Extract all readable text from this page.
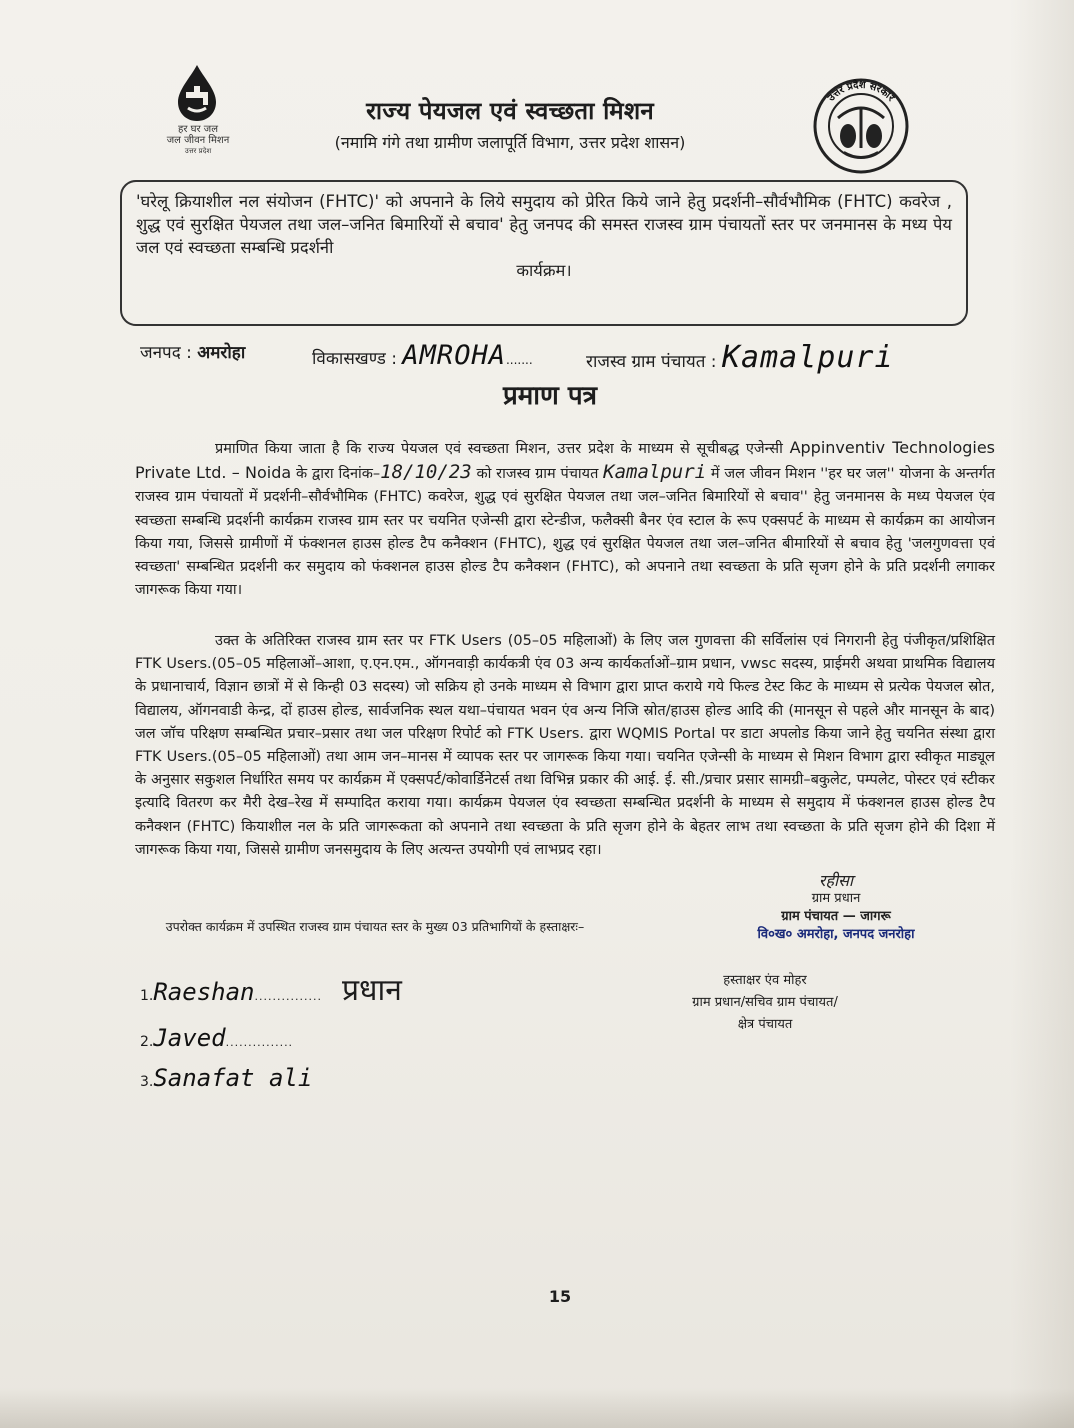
हर घर जल
जल जीवन मिशन
उत्तर प्रदेश
राज्य पेयजल एवं स्वच्छता मिशन
(नमामि गंगे तथा ग्रामीण जलापूर्ति विभाग, उत्तर प्रदेश शासन)
उत्तर प्रदेश सरकार
'घरेलू क्रियाशील नल संयोजन (FHTC)' को अपनाने के लिये समुदाय को प्रेरित किये जाने हेतु प्रदर्शनी–सौर्वभौमिक (FHTC) कवरेज , शुद्ध एवं सुरक्षित पेयजल तथा जल–जनित बिमारियों से बचाव' हेतु जनपद की समस्त राजस्व ग्राम पंचायतों स्तर पर जनमानस के मध्य पेय जल एवं स्वच्छता सम्बन्धि प्रदर्शनी
कार्यक्रम।
जनपद : अमरोहा	विकासखण्ड : AMROHA.......	राजस्व ग्राम पंचायत : Kamalpuri
प्रमाण पत्र
प्रमाणित किया जाता है कि राज्य पेयजल एवं स्वच्छता मिशन, उत्तर प्रदेश के माध्यम से सूचीबद्ध एजेन्सी Appinventiv Technologies Private Ltd. – Noida के द्वारा दिनांक–18/10/23 को राजस्व ग्राम पंचायत Kamalpuri में जल जीवन मिशन ''हर घर जल'' योजना के अन्तर्गत राजस्व ग्राम पंचायतों में प्रदर्शनी–सौर्वभौमिक (FHTC) कवरेज, शुद्ध एवं सुरक्षित पेयजल तथा जल–जनित बिमारियों से बचाव'' हेतु जनमानस के मध्य पेयजल एंव स्वच्छता सम्बन्धि प्रदर्शनी कार्यक्रम राजस्व ग्राम स्तर पर चयनित एजेन्सी द्वारा स्टेन्डीज, फलैक्सी बैनर एंव स्टाल के रूप एक्सपर्ट के माध्यम से कार्यक्रम का आयोजन किया गया, जिससे ग्रामीणों में फंक्शनल हाउस होल्ड टैप कनैक्शन (FHTC), शुद्ध एवं सुरक्षित पेयजल तथा जल–जनित बीमारियों से बचाव हेतु 'जलगुणवत्ता एवं स्वच्छता' सम्बन्धित प्रदर्शनी कर समुदाय को फंक्शनल हाउस होल्ड टैप कनैक्शन (FHTC), को अपनाने तथा स्वच्छता के प्रति सृजग होने के प्रति प्रदर्शनी लगाकर जागरूक किया गया।
उक्त के अतिरिक्त राजस्व ग्राम स्तर पर FTK Users (05–05 महिलाओं) के लिए जल गुणवत्ता की सर्विलांस एवं निगरानी हेतु पंजीकृत/प्रशिक्षित FTK Users.(05–05 महिलाओं–आशा, ए.एन.एम., ऑगनवाड़ी कार्यकत्री एंव 03 अन्य कार्यकर्ताओं–ग्राम प्रधान, vwsc सदस्य, प्राईमरी अथवा प्राथमिक विद्यालय के प्रधानाचार्य, विज्ञान छात्रों में से किन्ही 03 सदस्य) जो सक्रिय हो उनके माध्यम से विभाग द्वारा प्राप्त कराये गये फिल्ड टेस्ट किट के माध्यम से प्रत्येक पेयजल स्रोत, विद्यालय, ऑगनवाडी केन्द्र, दों हाउस होल्ड, सार्वजनिक स्थल यथा–पंचायत भवन एंव अन्य निजि स्रोत/हाउस होल्ड आदि की (मानसून से पहले और मानसून के बाद) जल जॉच परिक्षण सम्बन्धित प्रचार–प्रसार तथा जल परिक्षण रिपोर्ट को FTK Users. द्वारा WQMIS Portal पर डाटा अपलोड किया जाने हेतु चयनित संस्था द्वारा FTK Users.(05–05 महिलाओं) तथा आम जन–मानस में व्यापक स्तर पर जागरूक किया गया। चयनित एजेन्सी के माध्यम से मिशन विभाग द्वारा स्वीकृत माड्यूल के अनुसार सकुशल निर्धारित समय पर कार्यक्रम में एक्सपर्ट/कोवार्डिनेटर्स तथा विभिन्न प्रकार की आई. ई. सी./प्रचार प्रसार सामग्री–बकुलेट, पम्पलेट, पोस्टर एवं स्टीकर इत्यादि वितरण कर मैरी देख–रेख में सम्पादित कराया गया। कार्यक्रम पेयजल एंव स्वच्छता सम्बन्धित प्रदर्शनी के माध्यम से समुदाय में फंक्शनल हाउस होल्ड टैप कनैक्शन (FHTC) कियाशील नल के प्रति जागरूकता को अपनाने तथा स्वच्छता के प्रति सृजग होने के बेहतर लाभ तथा स्वच्छता के प्रति सृजग होने की दिशा में जागरूक किया गया, जिससे ग्रामीण जनसमुदाय के लिए अत्यन्त उपयोगी एवं लाभप्रद रहा।
रहीसा
ग्राम प्रधान
ग्राम पंचायत — जागरू
वि०ख० अमरोहा, जनपद जनरोहा
उपरोक्त कार्यक्रम में उपस्थित राजस्व ग्राम पंचायत स्तर के मुख्य 03 प्रतिभागियों के हस्ताक्षरः–
1.Raeshan............... प्रधान
2.Javed...............
3.Sanafat ali
हस्ताक्षर एंव मोहर
ग्राम प्रधान/सचिव ग्राम पंचायत/
क्षेत्र पंचायत
15
